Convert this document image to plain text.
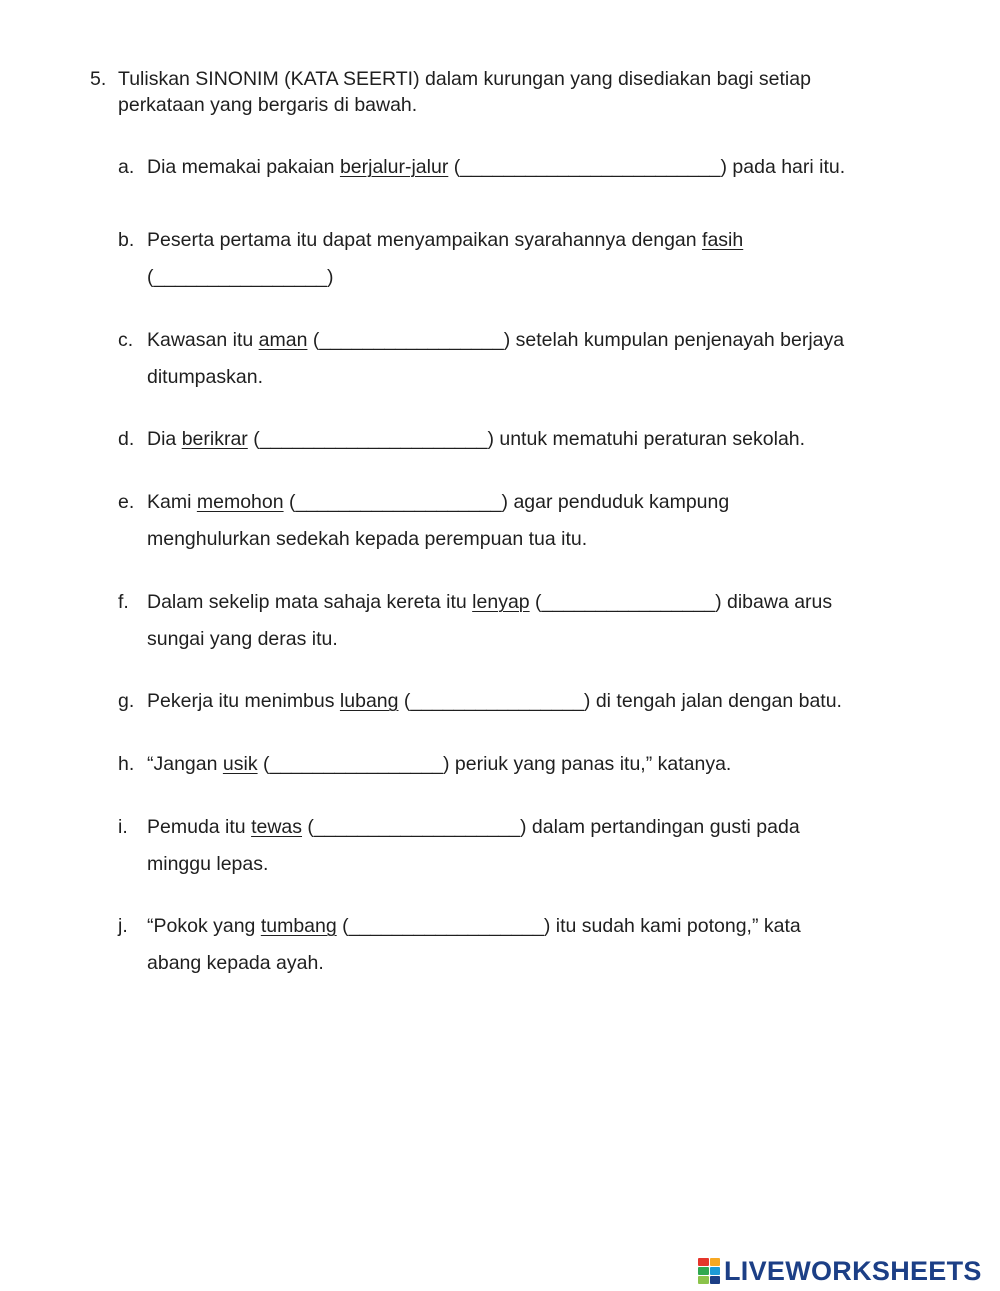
5. Tuliskan SINONIM (KATA SEERTI) dalam kurungan yang disediakan bagi setiap
perkataan yang bergaris di bawah.
a. Dia memakai pakaian berjalur-jalur (________________________) pada hari itu.
b. Peserta pertama itu dapat menyampaikan syarahannya dengan fasih
(________________)
c. Kawasan itu aman (_________________) setelah kumpulan penjenayah berjaya
ditumpaskan.
d. Dia berikrar (_____________________) untuk mematuhi peraturan sekolah.
e. Kami memohon (___________________) agar penduduk kampung
menghulurkan sedekah kepada perempuan tua itu.
f. Dalam sekelip mata sahaja kereta itu lenyap (________________) dibawa arus
sungai yang deras itu.
g. Pekerja itu menimbus lubang (________________) di tengah jalan dengan batu.
h. “Jangan usik (________________) periuk yang panas itu,” katanya.
i. Pemuda itu tewas (___________________) dalam pertandingan gusti pada
minggu lepas.
j. “Pokok yang tumbang (__________________) itu sudah kami potong,” kata
abang kepada ayah.
LIVEWORKSHEETS
